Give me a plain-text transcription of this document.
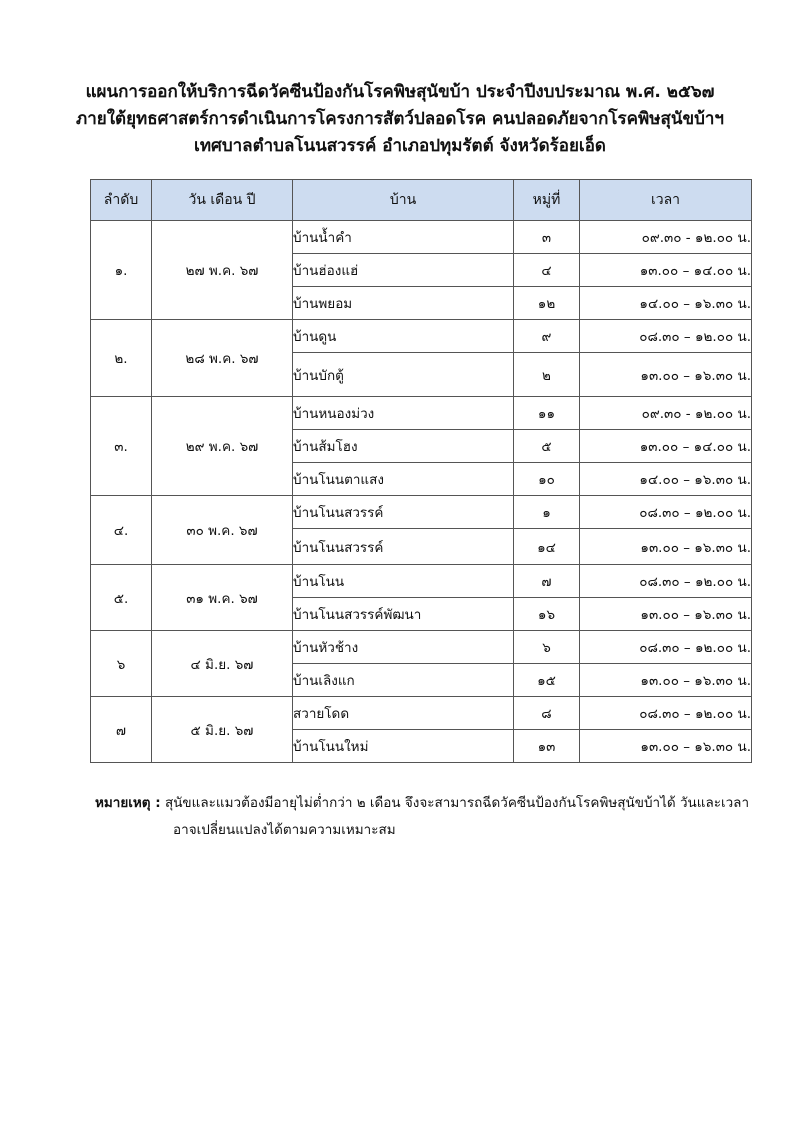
แผนการออกให้บริการฉีดวัคซีนป้องกันโรคพิษสุนัขบ้า ประจำปีงบประมาณ พ.ศ. ๒๕๖๗
ภายใต้ยุทธศาสตร์การดำเนินการโครงการสัตว์ปลอดโรค คนปลอดภัยจากโรคพิษสุนัขบ้าฯ
เทศบาลตำบลโนนสวรรค์ อำเภอปทุมรัตต์ จังหวัดร้อยเอ็ด
ลำดับ	วัน เดือน ปี	บ้าน	หมู่ที่	เวลา
๑.	๒๗ พ.ค. ๖๗	บ้านน้ำคำ	๓	๐๙.๓๐ - ๑๒.๐๐ น.
		บ้านฮ่องแฮ่	๔	๑๓.๐๐ – ๑๔.๐๐ น.
		บ้านพยอม	๑๒	๑๔.๐๐ – ๑๖.๓๐ น.
๒.	๒๘ พ.ค. ๖๗	บ้านดูน	๙	๐๘.๓๐ – ๑๒.๐๐ น.
		บ้านบักตู้	๒	๑๓.๐๐ – ๑๖.๓๐ น.
๓.	๒๙ พ.ค. ๖๗	บ้านหนองม่วง	๑๑	๐๙.๓๐ - ๑๒.๐๐ น.
		บ้านส้มโฮง	๕	๑๓.๐๐ – ๑๔.๐๐ น.
		บ้านโนนตาแสง	๑๐	๑๔.๐๐ – ๑๖.๓๐ น.
๔.	๓๐ พ.ค. ๖๗	บ้านโนนสวรรค์	๑	๐๘.๓๐ – ๑๒.๐๐ น.
		บ้านโนนสวรรค์	๑๔	๑๓.๐๐ – ๑๖.๓๐ น.
๕.	๓๑ พ.ค. ๖๗	บ้านโนน	๗	๐๘.๓๐ – ๑๒.๐๐ น.
		บ้านโนนสวรรค์พัฒนา	๑๖	๑๓.๐๐ – ๑๖.๓๐ น.
๖	๔ มิ.ย. ๖๗	บ้านหัวช้าง	๖	๐๘.๓๐ – ๑๒.๐๐ น.
		บ้านเลิงแก	๑๕	๑๓.๐๐ – ๑๖.๓๐ น.
๗	๕ มิ.ย. ๖๗	สวายโดด	๘	๐๘.๓๐ – ๑๒.๐๐ น.
		บ้านโนนใหม่	๑๓	๑๓.๐๐ – ๑๖.๓๐ น.
หมายเหตุ : สุนัขและแมวต้องมีอายุไม่ต่ำกว่า ๒ เดือน จึงจะสามารถฉีดวัคซีนป้องกันโรคพิษสุนัขบ้าได้ วันและเวลา
อาจเปลี่ยนแปลงได้ตามความเหมาะสม
